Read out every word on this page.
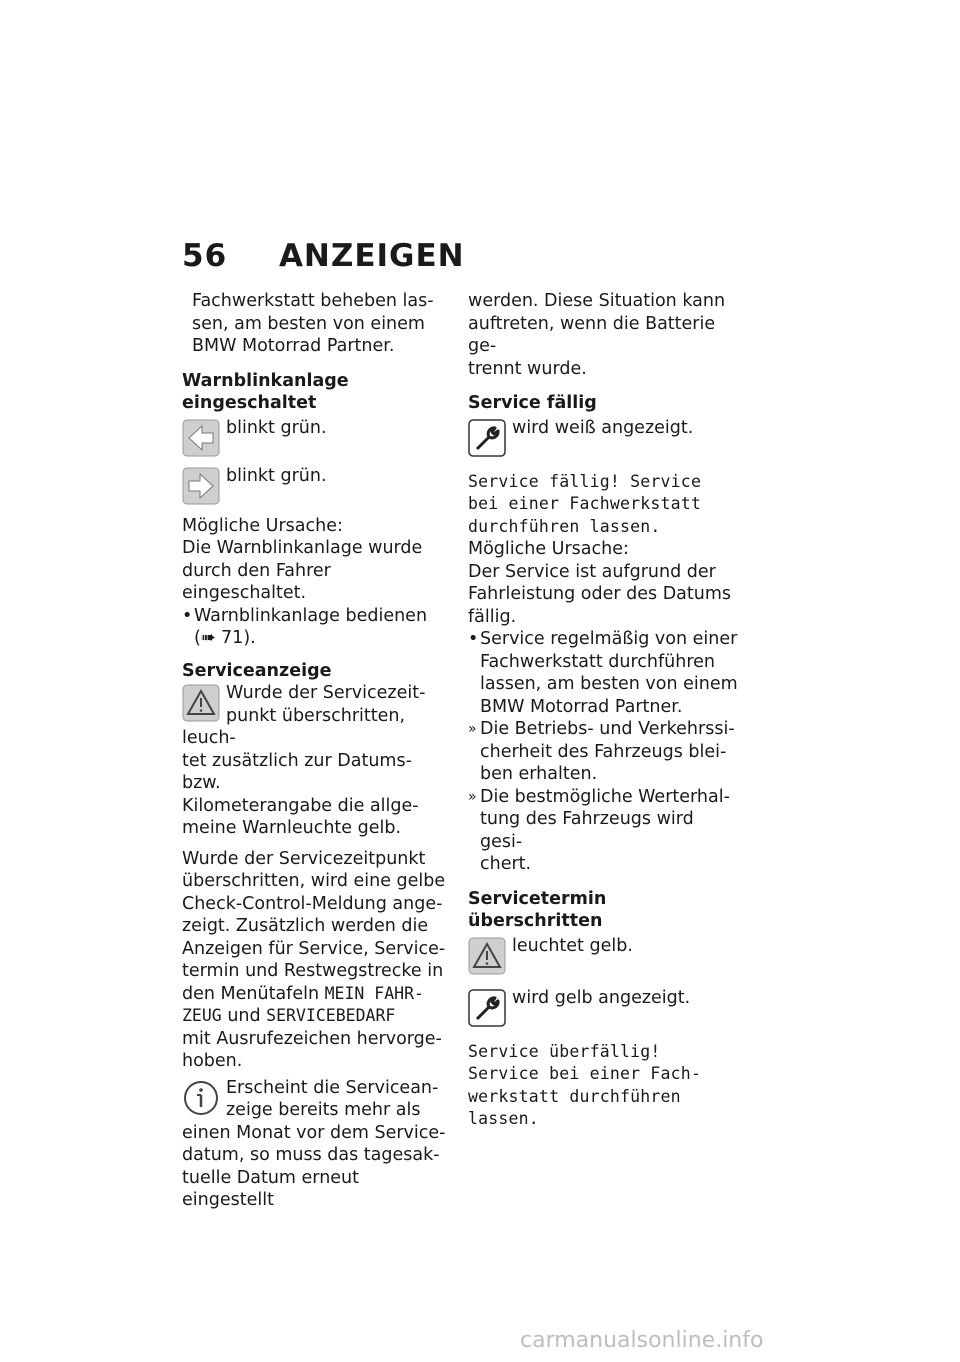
56 ANZEIGEN
Fachwerkstatt beheben las-
sen, am besten von einem
BMW Motorrad Partner.
Warnblinkanlage
eingeschaltet
blinkt grün.
blinkt grün.
Mögliche Ursache:
Die Warnblinkanlage wurde
durch den Fahrer eingeschaltet.
• Warnblinkanlage bedienen
(➠ 71).
Serviceanzeige
Wurde der Servicezeit-
punkt überschritten, leuch-
tet zusätzlich zur Datums- bzw.
Kilometerangabe die allge-
meine Warnleuchte gelb.
Wurde der Servicezeitpunkt
überschritten, wird eine gelbe
Check-Control-Meldung ange-
zeigt. Zusätzlich werden die
Anzeigen für Service, Service-
termin und Restwegstrecke in
den Menütafeln MEIN FAHR-
ZEUG und SERVICEBEDARF
mit Ausrufezeichen hervorge-
hoben.
Erscheint die Servicean-
zeige bereits mehr als
einen Monat vor dem Service-
datum, so muss das tagesak-
tuelle Datum erneut eingestellt
werden. Diese Situation kann
auftreten, wenn die Batterie ge-
trennt wurde.
Service fällig
wird weiß angezeigt.
Service fällig! Service
bei einer Fachwerkstatt
durchführen lassen.
Mögliche Ursache:
Der Service ist aufgrund der
Fahrleistung oder des Datums
fällig.
• Service regelmäßig von einer
Fachwerkstatt durchführen
lassen, am besten von einem
BMW Motorrad Partner.
» Die Betriebs- und Verkehrssi-
cherheit des Fahrzeugs blei-
ben erhalten.
» Die bestmögliche Werterhal-
tung des Fahrzeugs wird gesi-
chert.
Servicetermin überschritten
leuchtet gelb.
wird gelb angezeigt.
Service überfällig!
Service bei einer Fach-
werkstatt durchführen
lassen.
carmanualsonline.info
